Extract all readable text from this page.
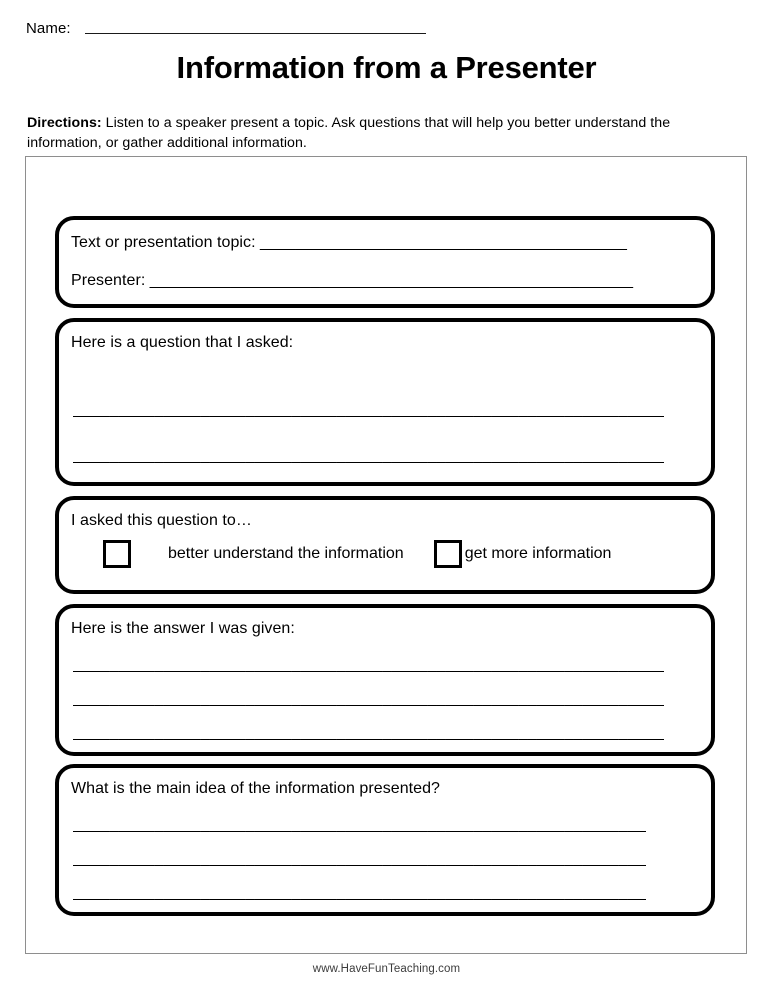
Name:
Information from a Presenter
Directions: Listen to a speaker present a topic. Ask questions that will help you better understand the information, or gather additional information.
Text or presentation topic: _________________________________________
Presenter: ______________________________________________________
Here is a question that I asked:
_________________________________________________________________
_________________________________________________________________
I asked this question to…
better understand the information	get more information
Here is the answer I was given:
_________________________________________________________________
_________________________________________________________________
_________________________________________________________________
What is the main idea of the information presented?
_______________________________________________________________
_______________________________________________________________
_______________________________________________________________
www.HaveFunTeaching.com
